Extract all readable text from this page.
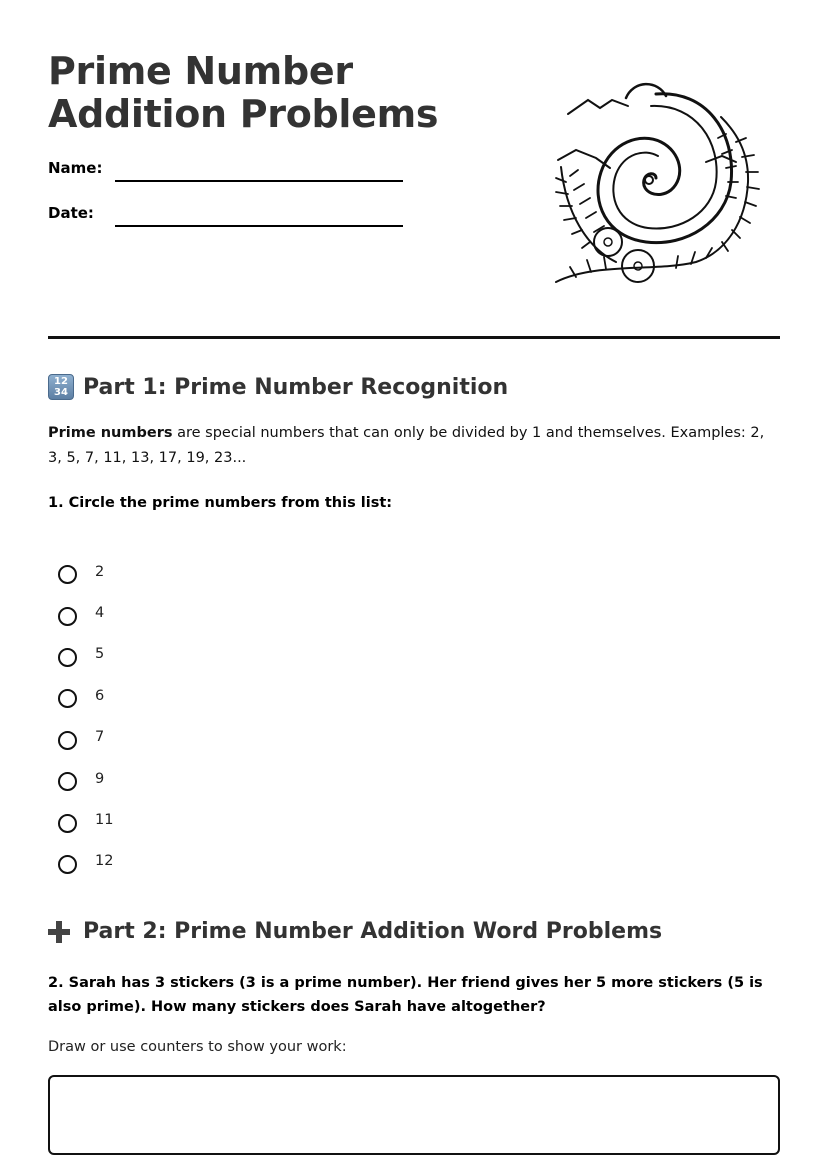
Prime Number Addition Problems
Name:
Date:
12
34 Part 1: Prime Number Recognition

Prime numbers are special numbers that can only be divided by 1 and themselves. Examples: 2, 3, 5, 7, 11, 13, 17, 19, 23...

1. Circle the prime numbers from this list:

2
4
5
6
7
9
11
12
Part 2: Prime Number Addition Word Problems

2. Sarah has 3 stickers (3 is a prime number). Her friend gives her 5 more stickers (5 is also prime). How many stickers does Sarah have altogether?

Draw or use counters to show your work:
